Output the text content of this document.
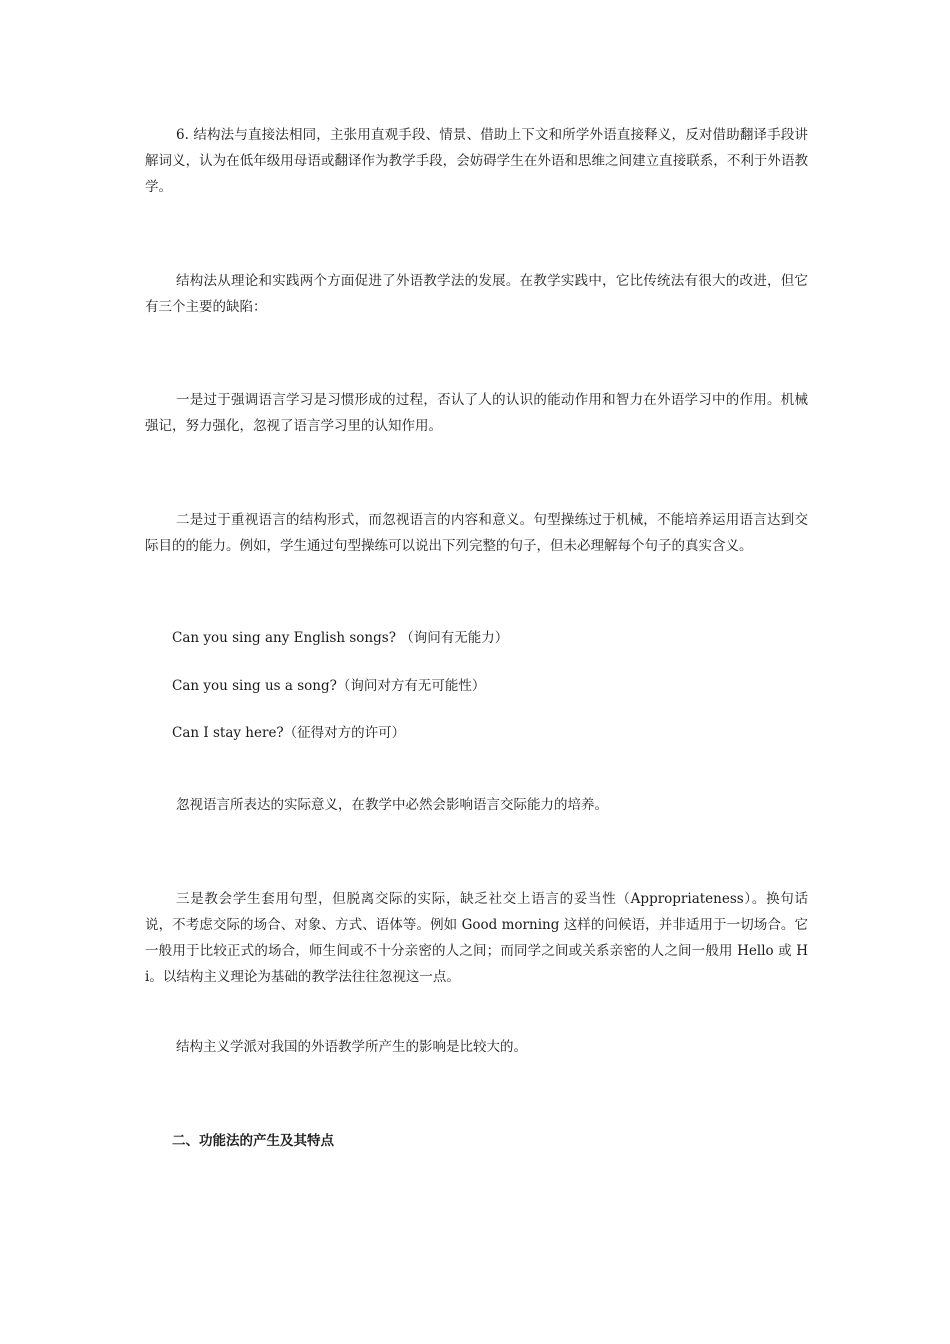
6. 结构法与直接法相同，主张用直观手段、情景、借助上下文和所学外语直接释义，反对借助翻译手段讲解词义，认为在低年级用母语或翻译作为教学手段，会妨碍学生在外语和思维之间建立直接联系，不利于外语教学。

结构法从理论和实践两个方面促进了外语教学法的发展。在教学实践中，它比传统法有很大的改进，但它有三个主要的缺陷：

一是过于强调语言学习是习惯形成的过程，否认了人的认识的能动作用和智力在外语学习中的作用。机械强记，努力强化，忽视了语言学习里的认知作用。

二是过于重视语言的结构形式，而忽视语言的内容和意义。句型操练过于机械，不能培养运用语言达到交际目的的能力。例如，学生通过句型操练可以说出下列完整的句子，但未必理解每个句子的真实含义。

Can you sing any English songs? （询问有无能力）

Can you sing us a song?（询问对方有无可能性）

Can I stay here?（征得对方的许可）

忽视语言所表达的实际意义，在教学中必然会影响语言交际能力的培养。

三是教会学生套用句型，但脱离交际的实际，缺乏社交上语言的妥当性（Appropriateness）。换句话说，不考虑交际的场合、对象、方式、语体等。例如 Good morning 这样的问候语，并非适用于一切场合。它一般用于比较正式的场合，师生间或不十分亲密的人之间；而同学之间或关系亲密的人之间一般用 Hello 或 Hi。以结构主义理论为基础的教学法往往忽视这一点。

结构主义学派对我国的外语教学所产生的影响是比较大的。

二、功能法的产生及其特点
